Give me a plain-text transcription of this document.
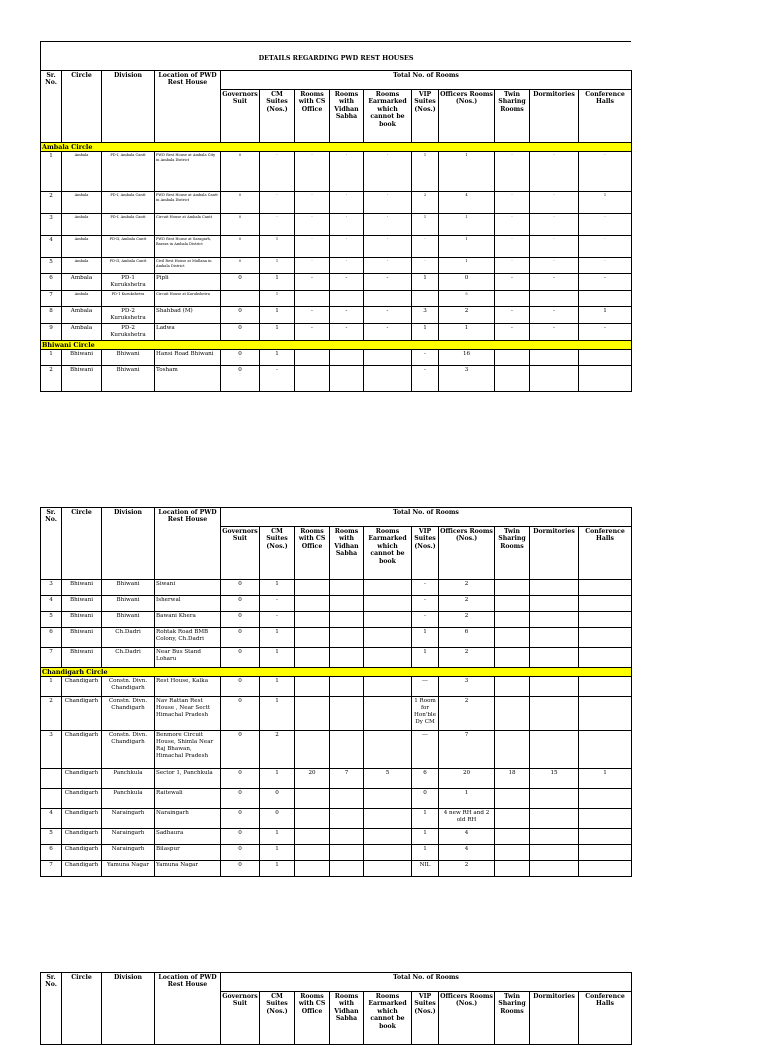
DETAILS REGARDING PWD REST HOUSES
Sr. No.	Circle	Division	Location of PWD Rest House	Total No. of Rooms									
				Governors Suit	CM Suites (Nos.)	Rooms with CS Office	Rooms with Vidhan Sabha	Rooms Earmarked which cannot be book	VIP Suites (Nos.)	Officers Rooms (Nos.)	Twin Sharing Rooms	Dormitories	Conference Halls
Ambala Circle													
1	Ambala	PD-I, Ambala Cantt	PWD Rest House at Ambala City in Ambala District	0	-	-	-	-	1	1	-	-	-
2	Ambala	PD-I, Ambala Cantt	PWD Rest House at Ambala Cantt in Ambala District	0	-	-	-	-	2	4	-	-	1
3	Ambala	PD-I, Ambala Cantt	Circuit House at Ambala Cantt	0	-	-	-	-	1	1	-	-	-
4	Ambala	PD-II, Ambala Cantt	PWD Rest House at Saragarh, Barara in Ambala District	0	1	-	-	-	-	1	-	-	-
5	Ambala	PD-II, Ambala Cantt	Civil Rest House at Mullana in Ambala District	0	1	-	-	-	-	1	-	-	-
6	Ambala	PD-1 Kurukshetra	Pipli	0	1	-	-	-	1	0	-	-	-
7	Ambala	PD-1 Kurukshetra	Circuit House at Kurukshetra		1					5			
8	Ambala	PD-2 Kurukshetra	Shahbad (M)	0	1	-	-	-	3	2	-	-	1
9	Ambala	PD-2 Kurukshetra	Ladwa	0	1	-	-	-	1	1	-	-	-
Bhiwani Circle													
1	Bhiwani	Bhiwani	Hansi Road Bhiwani	0	1				-	16			
2	Bhiwani	Bhiwani	Tosham	0	-				-	3			
Sr. No.	Circle	Division	Location of PWD Rest House	Total No. of Rooms									
				Governors Suit	CM Suites (Nos.)	Rooms with CS Office	Rooms with Vidhan Sabha	Rooms Earmarked which cannot be book	VIP Suites (Nos.)	Officers Rooms (Nos.)	Twin Sharing Rooms	Dormitories	Conference Halls
3	Bhiwani	Bhiwani	Siwani	0	1				-	2			
4	Bhiwani	Bhiwani	Isherwal	0	-				-	2			
5	Bhiwani	Bhiwani	Bawani Khera	0	-				-	2			
6	Bhiwani	Ch.Dadri	Rohtak Road BMB Colony, Ch.Dadri	0	1				1	6			
7	Bhiwani	Ch.Dadri	Near Bus Stand Loharu	0	1				1	2			
Chandigarh Circle													
1	Chandigarh	Constn. Divn. Chandigarh	Rest House, Kalka	0	1				---	3			
2	Chandigarh	Constn. Divn. Chandigarh	Nav Rattan Rest House , Near Sectt Himachal Pradesh	0	1				1 Room for Hon'ble Dy CM	2			
3	Chandigarh	Constn. Divn. Chandigarh	Benmore Circuit House, Shimla Near Raj Bhawan, Himachal Pradesh	0	2				---	7			
	Chandigarh	Panchkula	Sector 1, Panchkula	0	1	20	7	5	6	20	18	15	1
	Chandigarh	Panchkula	Raitewali	0	0				0	1			
4	Chandigarh	Naraingarh	Naraingarh	0	0				1	4 new RH and 2 old RH			
5	Chandigarh	Naraingarh	Sadhaura	0	1				1	4			
6	Chandigarh	Naraingarh	Bilaspur	0	1				1	4			
7	Chandigarh	Yamuna Nagar	Yamuna Nagar	0	1				NIL	2			
Sr. No.	Circle	Division	Location of PWD Rest House	Total No. of Rooms									
				Governors Suit	CM Suites (Nos.)	Rooms with CS Office	Rooms with Vidhan Sabha	Rooms Earmarked which cannot be book	VIP Suites (Nos.)	Officers Rooms (Nos.)	Twin Sharing Rooms	Dormitories	Conference Halls
